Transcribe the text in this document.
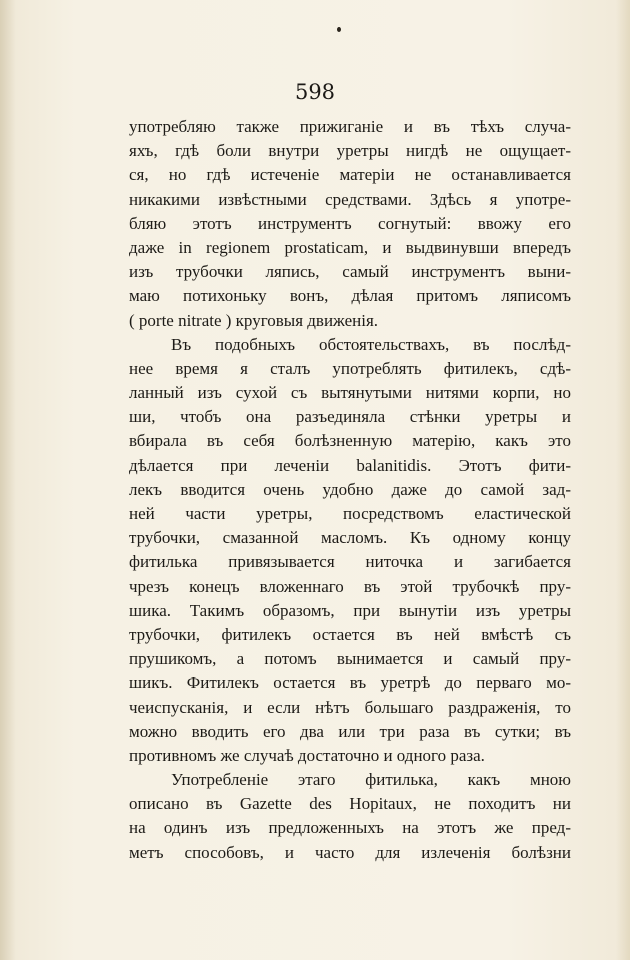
598
употребляю также прижиганіе и въ тѣхъ случа-
яхъ, гдѣ боли внутри уретры нигдѣ не ощущает-
ся, но гдѣ истеченіе матеріи не останавливается
никакими извѣстными средствами. Здѣсь я употре-
бляю этотъ инструментъ согнутый: ввожу его
даже in regionem prostaticam, и выдвинувши впередъ
изъ трубочки ляпись, самый инструментъ выни-
маю потихоньку вонъ, дѣлая притомъ ляписомъ
( porte nitrate ) круговыя движенія.
Въ подобныхъ обстоятельствахъ, въ послѣд-
нее время я сталъ употреблять фитилекъ, сдѣ-
ланный изъ сухой съ вытянутыми нитями корпи, но
ши, чтобъ она разъединяла стѣнки уретры и
вбирала въ себя болѣзненную матерію, какъ это
дѣлается при леченіи balanitidis. Этотъ фити-
лекъ вводится очень удобно даже до самой зад-
ней части уретры, посредствомъ еластической
трубочки, смазанной масломъ. Къ одному концу
фитилька привязывается ниточка и загибается
чрезъ конецъ вложеннаго въ этой трубочкѣ пру-
шика. Такимъ образомъ, при вынутіи изъ уретры
трубочки, фитилекъ остается въ ней вмѣстѣ съ
прушикомъ, а потомъ вынимается и самый пру-
шикъ. Фитилекъ остается въ уретрѣ до перваго мо-
чеиспусканія, и если нѣтъ большаго раздраженія, то
можно вводить его два или три раза въ сутки; въ
противномъ же случаѣ достаточно и одного раза.
Употребленіе этаго фитилька, какъ мною
описано въ Gazette des Hopitaux, не походитъ ни
на одинъ изъ предложенныхъ на этотъ же пред-
метъ способовъ, и часто для излеченія болѣзни
